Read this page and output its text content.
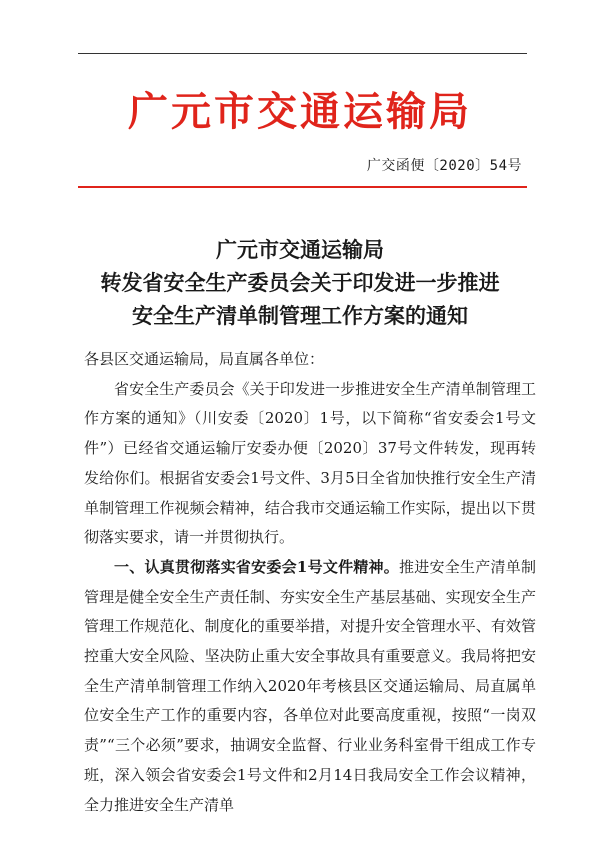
广元市交通运输局
广交函便〔2020〕54号
广元市交通运输局
转发省安全生产委员会关于印发进一步推进
安全生产清单制管理工作方案的通知

各县区交通运输局，局直属各单位：

省安全生产委员会《关于印发进一步推进安全生产清单制管理工作方案的通知》（川安委〔2020〕1号，以下简称“省安委会1号文件”）已经省交通运输厅安委办便〔2020〕37号文件转发，现再转发给你们。根据省安委会1号文件、3月5日全省加快推行安全生产清单制管理工作视频会精神，结合我市交通运输工作实际，提出以下贯彻落实要求，请一并贯彻执行。

一、认真贯彻落实省安委会1号文件精神。推进安全生产清单制管理是健全安全生产责任制、夯实安全生产基层基础、实现安全生产管理工作规范化、制度化的重要举措，对提升安全管理水平、有效管控重大安全风险、坚决防止重大安全事故具有重要意义。我局将把安全生产清单制管理工作纳入2020年考核县区交通运输局、局直属单位安全生产工作的重要内容，各单位对此要高度重视，按照“一岗双责”“三个必须”要求，抽调安全监督、行业业务科室骨干组成工作专班，深入领会省安委会1号文件和2月14日我局安全工作会议精神，全力推进安全生产清单
